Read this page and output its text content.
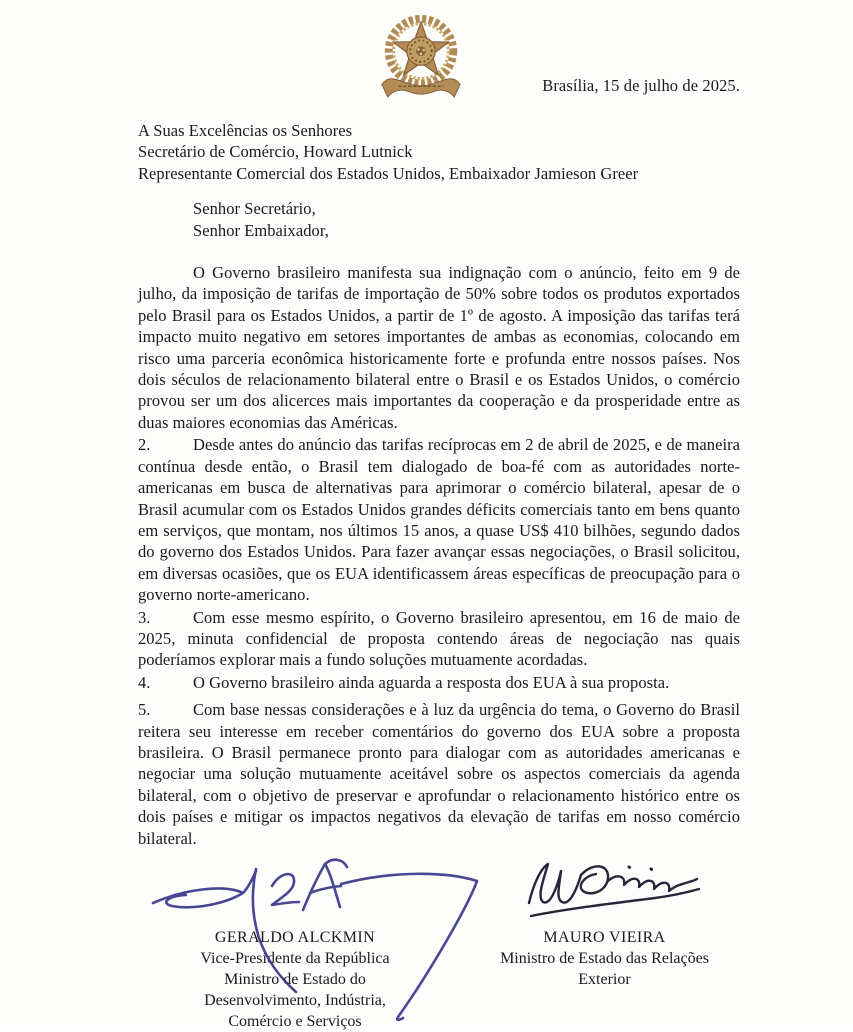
Brasília, 15 de julho de 2025.
A Suas Excelências os Senhores
Secretário de Comércio, Howard Lutnick
Representante Comercial dos Estados Unidos, Embaixador Jamieson Greer
Senhor Secretário,
Senhor Embaixador,

O Governo brasileiro manifesta sua indignação com o anúncio, feito em 9 de julho, da imposição de tarifas de importação de 50% sobre todos os produtos exportados pelo Brasil para os Estados Unidos, a partir de 1º de agosto. A imposição das tarifas terá impacto muito negativo em setores importantes de ambas as economias, colocando em risco uma parceria econômica historicamente forte e profunda entre nossos países. Nos dois séculos de relacionamento bilateral entre o Brasil e os Estados Unidos, o comércio provou ser um dos alicerces mais importantes da cooperação e da prosperidade entre as duas maiores economias das Américas.

2.	Desde antes do anúncio das tarifas recíprocas em 2 de abril de 2025, e de maneira contínua desde então, o Brasil tem dialogado de boa-fé com as autoridades norte-americanas em busca de alternativas para aprimorar o comércio bilateral, apesar de o Brasil acumular com os Estados Unidos grandes déficits comerciais tanto em bens quanto em serviços, que montam, nos últimos 15 anos, a quase US$ 410 bilhões, segundo dados do governo dos Estados Unidos. Para fazer avançar essas negociações, o Brasil solicitou, em diversas ocasiões, que os EUA identificassem áreas específicas de preocupação para o governo norte-americano.

3.	Com esse mesmo espírito, o Governo brasileiro apresentou, em 16 de maio de 2025, minuta confidencial de proposta contendo áreas de negociação nas quais poderíamos explorar mais a fundo soluções mutuamente acordadas.

4.	O Governo brasileiro ainda aguarda a resposta dos EUA à sua proposta.

5.	Com base nessas considerações e à luz da urgência do tema, o Governo do Brasil reitera seu interesse em receber comentários do governo dos EUA sobre a proposta brasileira. O Brasil permanece pronto para dialogar com as autoridades americanas e negociar uma solução mutuamente aceitável sobre os aspectos comerciais da agenda bilateral, com o objetivo de preservar e aprofundar o relacionamento histórico entre os dois países e mitigar os impactos negativos da elevação de tarifas em nosso comércio bilateral.

GERALDO ALCKMIN
Vice-Presidente da República
Ministro de Estado do
Desenvolvimento, Indústria,
Comércio e Serviços
MAURO VIEIRA
Ministro de Estado das Relações
Exterior
